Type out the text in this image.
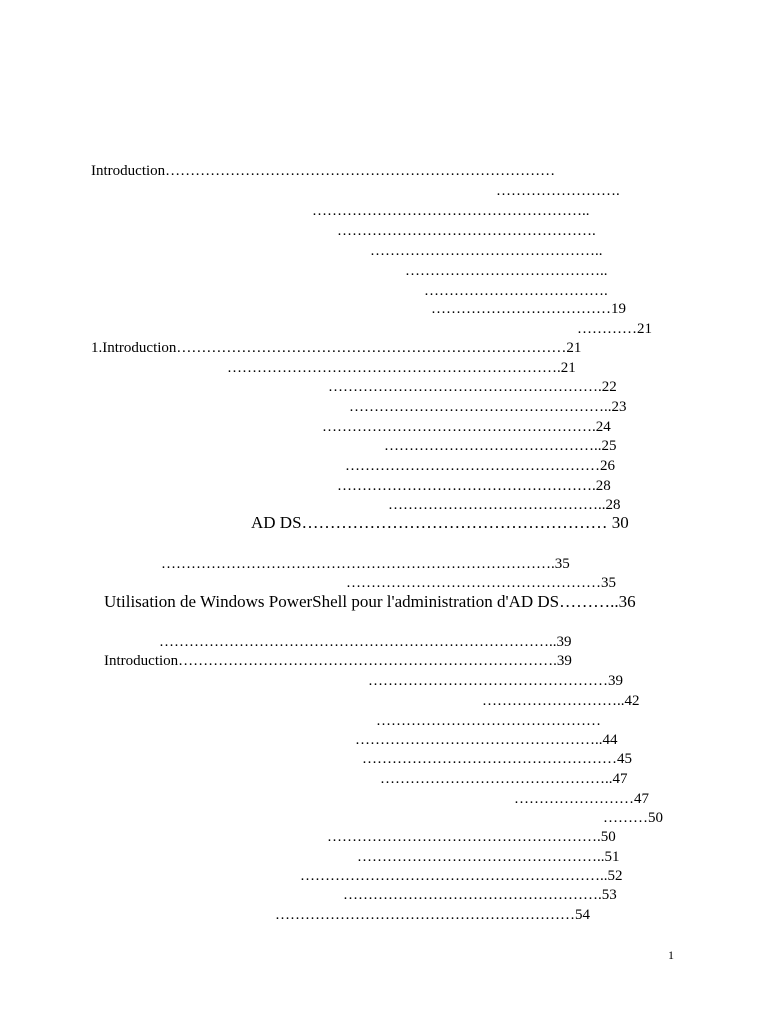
Introduction……………………………………………………………………
…………………….
………………………………………………..
…………………………………………….
………………………………………..
…………………………………..
……………………………….
………………………………19
…………21
1.Introduction……………………………………………………………………21
………………………………………………………….21
……………………………………………….22
……………………………………………..23
……………………………………………….24
……………………………………..25
……………………………………………26
…………………………………………….28
……………………………………..28
AD DS……………………………………………… 30
…………………………………………………………………….35
……………………………………………35
Utilisation de Windows PowerShell pour l'administration d'AD DS………..36
……………………………………………………………………..39
Introduction………………………………………………………………….39
…………………………………………39
………………………..42
………………………………………
…………………………………………..44
……………………………………………45
………………………………………..47
……………………47
………50
……………………………………………….50
…………………………………………..51
……………………………………………………..52
…………………………………………….53
……………………………………………………54
1
